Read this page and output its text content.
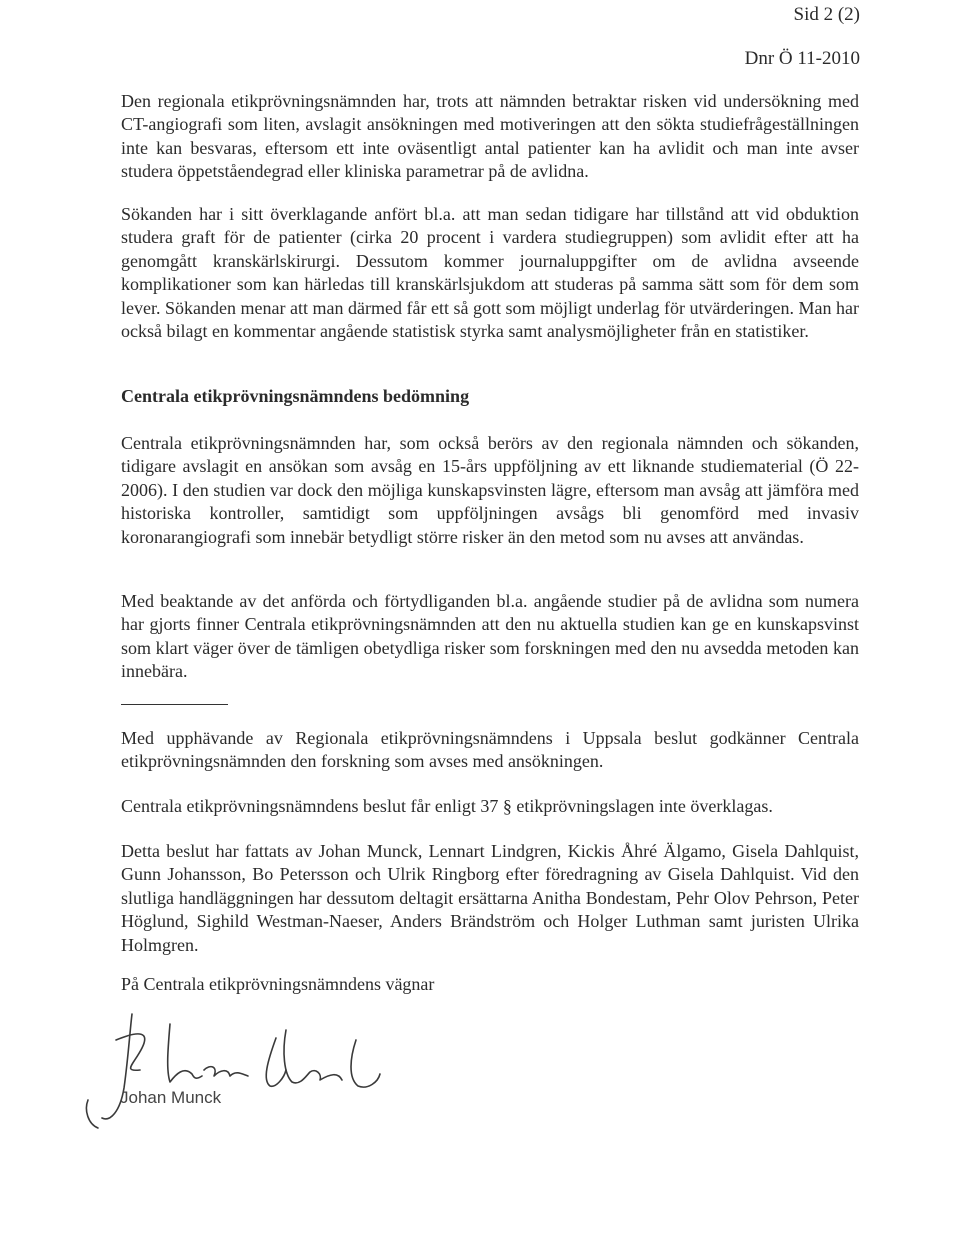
Sid 2 (2)
Dnr Ö 11-2010

Den regionala etikprövningsnämnden har, trots att nämnden betraktar risken vid undersökning med CT-angiografi som liten, avslagit ansökningen med motiveringen att den sökta studiefrågeställningen inte kan besvaras, eftersom ett inte oväsentligt antal patienter kan ha avlidit och man inte avser studera öppetståendegrad eller kliniska parametrar på de avlidna.

Sökanden har i sitt överklagande anfört bl.a. att man sedan tidigare har tillstånd att vid obduktion studera graft för de patienter (cirka 20 procent i vardera studiegruppen) som avlidit efter att ha genomgått kranskärlskirurgi. Dessutom kommer journaluppgifter om de avlidna avseende komplikationer som kan härledas till kranskärlsjukdom att studeras på samma sätt som för dem som lever. Sökanden menar att man därmed får ett så gott som möjligt underlag för utvärderingen. Man har också bilagt en kommentar angående statistisk styrka samt analysmöjligheter från en statistiker.

Centrala etikprövningsnämndens bedömning

Centrala etikprövningsnämnden har, som också berörs av den regionala nämnden och sökanden, tidigare avslagit en ansökan som avsåg en 15-års uppföljning av ett liknande studiematerial (Ö 22-2006). I den studien var dock den möjliga kunskapsvinsten lägre, eftersom man avsåg att jämföra med historiska kontroller, samtidigt som uppföljningen avsågs bli genomförd med invasiv koronarangiografi som innebär betydligt större risker än den metod som nu avses att användas.

Med beaktande av det anförda och förtydliganden bl.a. angående studier på de avlidna som numera har gjorts finner Centrala etikprövningsnämnden att den nu aktuella studien kan ge en kunskapsvinst som klart väger över de tämligen obetydliga risker som forskningen med den nu avsedda metoden kan innebära.

Med upphävande av Regionala etikprövningsnämndens i Uppsala beslut godkänner Centrala etikprövningsnämnden den forskning som avses med ansökningen.

Centrala etikprövningsnämndens beslut får enligt 37 § etikprövningslagen inte överklagas.

Detta beslut har fattats av Johan Munck, Lennart Lindgren, Kickis Åhré Älgamo, Gisela Dahlquist, Gunn Johansson, Bo Petersson och Ulrik Ringborg efter föredragning av Gisela Dahlquist. Vid den slutliga handläggningen har dessutom deltagit ersättarna Anitha Bondestam, Pehr Olov Pehrson, Peter Höglund, Sighild Westman-Naeser, Anders Brändström och Holger Luthman samt juristen Ulrika Holmgren.

På Centrala etikprövningsnämndens vägnar

Johan Munck
